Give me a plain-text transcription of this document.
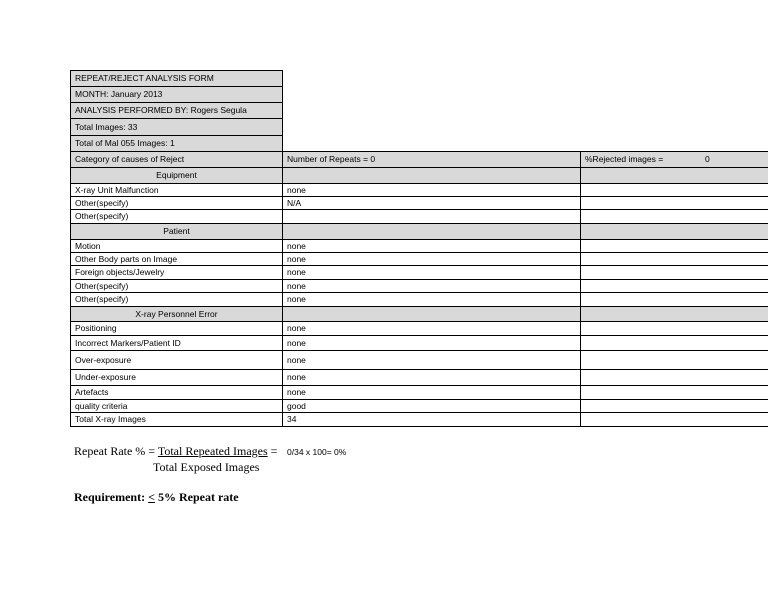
REPEAT/REJECT ANALYSIS FORM
MONTH: January 2013
ANALYSIS PERFORMED BY: Rogers Segula
Total Images: 33
Total of Mal 055 Images: 1
Category of causes of Reject	Number of Repeats = 0	%Rejected images =	0
Equipment
X-ray Unit Malfunction	none
Other(specify)	N/A
Other(specify)
Patient
Motion	none
Other Body parts on Image	none
Foreign objects/Jewelry	none
Other(specify)	none
Other(specify)	none
X-ray Personnel Error
Positioning	none
Incorrect Markers/Patient ID	none
Over-exposure	none
Under-exposure	none
Artefacts	none
quality criteria	good
Total X-ray Images	34
Repeat Rate % = Total Repeated Images =
Total Exposed Images
0/34 x 100= 0%
Requirement: < 5% Repeat rate
